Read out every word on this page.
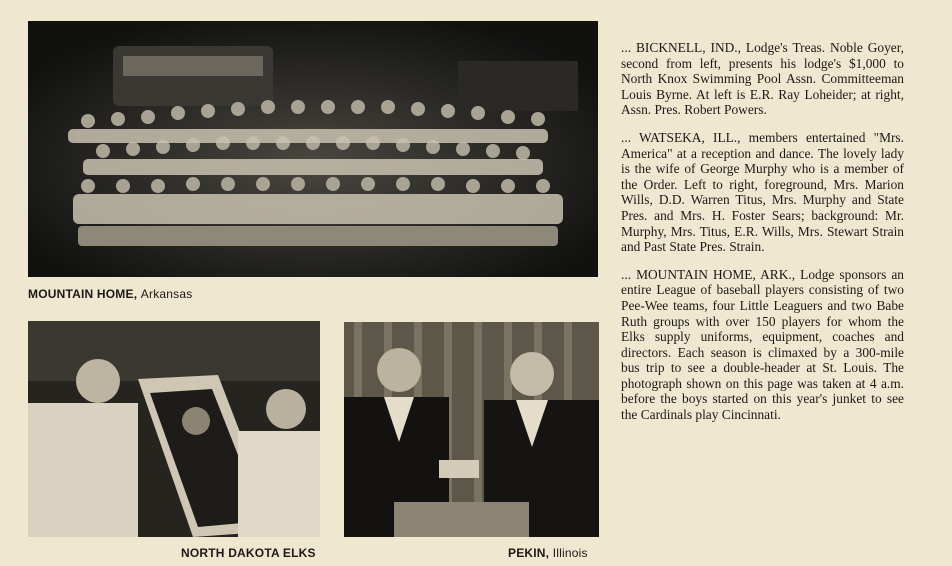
MOUNTAIN HOME, Arkansas
NORTH DAKOTA ELKS	PEKIN, Illinois

... BICKNELL, IND., Lodge's Treas. Noble Goyer, second from left, presents his lodge's $1,000 to North Knox Swimming Pool Assn. Committeeman Louis Byrne. At left is E.R. Ray Loheider; at right, Assn. Pres. Robert Powers.

... WATSEKA, ILL., members entertained "Mrs. America" at a reception and dance. The lovely lady is the wife of George Murphy who is a member of the Order. Left to right, foreground, Mrs. Marion Wills, D.D. Warren Titus, Mrs. Murphy and State Pres. and Mrs. H. Foster Sears; background: Mr. Murphy, Mrs. Titus, E.R. Wills, Mrs. Stewart Strain and Past State Pres. Strain.

... MOUNTAIN HOME, ARK., Lodge sponsors an entire League of baseball players consisting of two Pee-Wee teams, four Little Leaguers and two Babe Ruth groups with over 150 players for whom the Elks supply uniforms, equipment, coaches and directors. Each season is climaxed by a 300-mile bus trip to see a double-header at St. Louis. The photograph shown on this page was taken at 4 a.m. before the boys started on this year's junket to see the Cardinals play Cincinnati.
